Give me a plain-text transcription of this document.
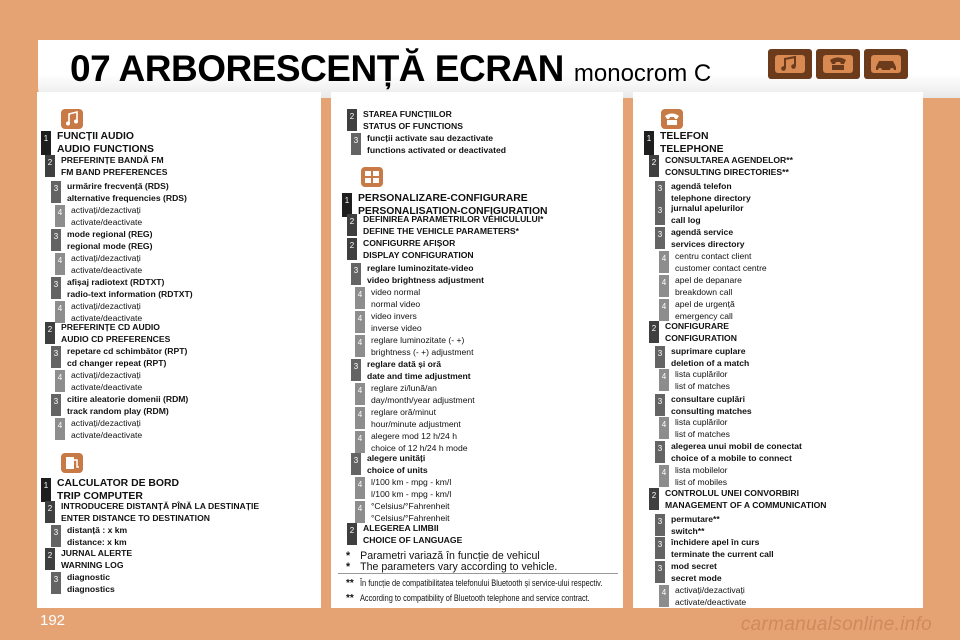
07 ARBORESCENȚĂ ECRAN monocrom C
1 FUNCȚII AUDIO
AUDIO FUNCTIONS
2	PREFERINȚE BANDĂ FM
FM BAND PREFERENCES
3	urmărire frecvență (RDS)
alternative frequencies (RDS)
4	activați/dezactivați
activate/deactivate
3	mode regional (REG)
regional mode (REG)
4	activați/dezactivați
activate/deactivate
3	afișaj radiotext (RDTXT)
radio-text information (RDTXT)
4	activați/dezactivați
activate/deactivate
2	PREFERINȚE CD AUDIO
AUDIO CD PREFERENCES
3	repetare cd schimbător (RPT)
cd changer repeat (RPT)
4	activați/dezactivați
activate/deactivate
3	citire aleatorie domenii (RDM)
track random play (RDM)
4	activați/dezactivați
activate/deactivate
1 CALCULATOR DE BORD
TRIP COMPUTER
2	INTRODUCERE DISTANȚĂ PÎNĂ LA DESTINAȚIE
ENTER DISTANCE TO DESTINATION
3	distanță : x km
distance: x km
2	JURNAL ALERTE
WARNING LOG
3	diagnostic
diagnostics
2	STAREA FUNCȚIILOR
STATUS OF FUNCTIONS
3	funcții activate sau dezactivate
functions activated or deactivated
1 PERSONALIZARE-CONFIGURARE
PERSONALISATION-CONFIGURATION
2	DEFINIREA PARAMETRILOR VÉHICULULUI*
DEFINE THE VEHICLE PARAMETERS*
2	CONFIGURRE AFIȘOR
DISPLAY CONFIGURATION
3	reglare luminozitate-video
video brightness adjustment
4	video normal
normal video
4	video invers
inverse video
4	reglare luminozitate (- +)
brightness (- +) adjustment
3	reglare dată și oră
date and time adjustment
4	reglare zi/lună/an
day/month/year adjustment
4	reglare oră/minut
hour/minute adjustment
4	alegere mod 12 h/24 h
choice of 12 h/24 h mode
3	alegere unități
choice of units
4	l/100 km - mpg - km/l
l/100 km - mpg - km/l
4	°Celsius/°Fahrenheit
°Celsius/°Fahrenheit
2	ALEGEREA LIMBII
CHOICE OF LANGUAGE
1 TELEFON
TELEPHONE
2	CONSULTAREA AGENDELOR**
CONSULTING DIRECTORIES**
3	agendă telefon
telephone directory
3	jurnalul apelurilor
call log
3	agendă service
services directory
4	centru contact client
customer contact centre
4	apel de depanare
breakdown call
4	apel de urgență
emergency call
2	CONFIGURARE
CONFIGURATION
3	suprimare cuplare
deletion of a match
4	lista cuplărilor
list of matches
3	consultare cuplări
consulting matches
4	lista cuplărilor
list of matches
3	alegerea unui mobil de conectat
choice of a mobile to connect
4	lista mobilelor
list of mobiles
2	CONTROLUL UNEI CONVORBIRI
MANAGEMENT OF A COMMUNICATION
3	permutare**
switch**
3	închidere apel în curs
terminate the current call
3	mod secret
secret mode
4	activați/dezactivați
activate/deactivate
* Parametri variază în funcție de vehicul
* The parameters vary according to vehicle.
** În funcție de compatibilitatea telefonului Bluetooth și service-ului respectiv.
** According to compatibility of Bluetooth telephone and service contract.
192	carmanualsonline.info
